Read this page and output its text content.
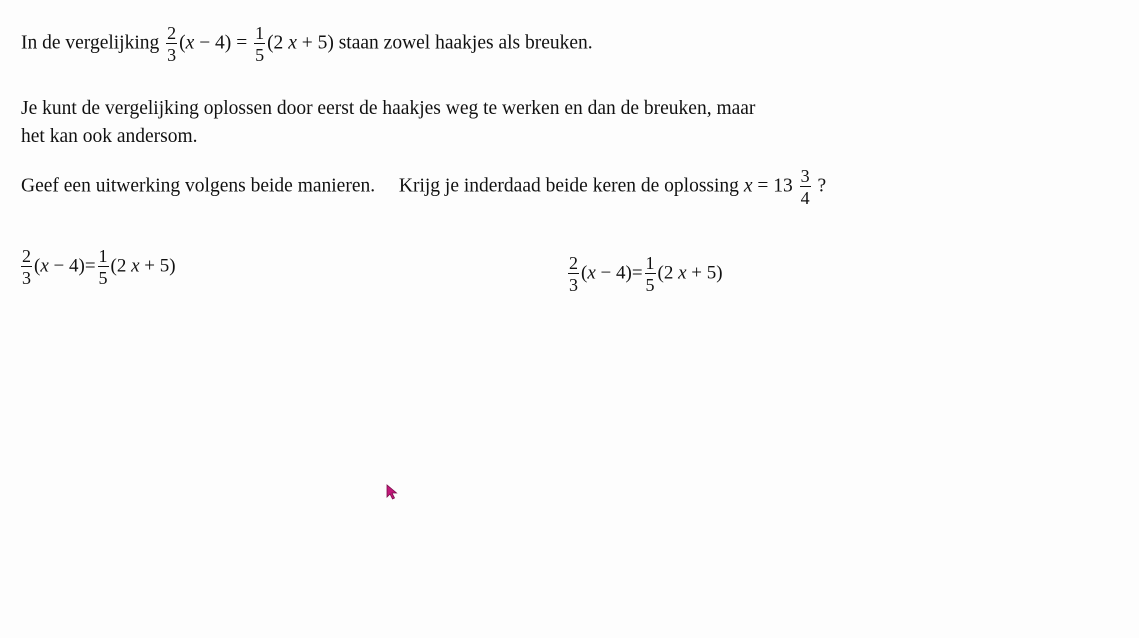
In de vergelijking $\frac{2}{3} (x - 4) = \frac{1}{5} (2$ x + 5) staan zowel haakjes als breuken.
Je kunt de vergelijking oplossen door eerst de haakjes weg te werken en dan de breuken, maar
het kan ook andersom.
Geef een uitwerking volgens beide manieren. Krijg je inderdaad beide keren de oplossing $x = 13 \frac{3}{4}$ ?
$\frac{2}{3} (x - 4)= \frac{1}{5} (2$ x + 5)	$\frac{2}{3} (x - 4)= \frac{1}{5} (2$ x + 5)
